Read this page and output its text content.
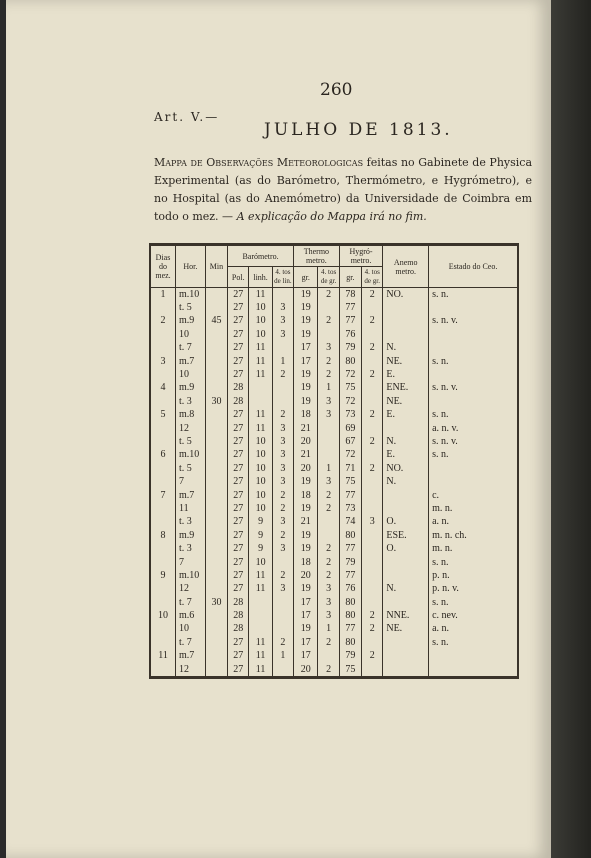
260
Art. V.—
JULHO DE 1813.
Mappa de Observações Meteorologicas feitas no Gabinete de Physica Experimental (as do Barómetro, Thermómetro, e Hygrómetro), e no Hospital (as do Anemómetro) da Universidade de Coimbra em todo o mez. — A explicação do Mappa irá no fim.
Dias do mez.	Hor.	Min	Barómetro.			Thermo metro.		Hygró- metro.		Anemo metro.	Estado do Ceo.
			Pol.	linh.	4. tos de lin.	gr.	4. tos de gr.	gr.	4. tos de gr.		
1	m.10		27	11		19	2	78	2	NO.	s. n.
	t. 5		27	10	3	19		77			
2	m.9	45	27	10	3	19	2	77	2		s. n. v.
	10		27	10	3	19		76			
	t. 7		27	11		17	3	79	2	N.	
3	m.7		27	11	1	17	2	80		NE.	s. n.
	10		27	11	2	19	2	72	2	E.	
4	m.9		28			19	1	75		ENE.	s. n. v.
	t. 3	30	28			19	3	72		NE.	
5	m.8		27	11	2	18	3	73	2	E.	s. n.
	12		27	11	3	21		69			a. n. v.
	t. 5		27	10	3	20		67	2	N.	s. n. v.
6	m.10		27	10	3	21		72		E.	s. n.
	t. 5		27	10	3	20	1	71	2	NO.	
	7		27	10	3	19	3	75		N.	
7	m.7		27	10	2	18	2	77			c.
	11		27	10	2	19	2	73			m. n.
	t. 3		27	9	3	21		74	3	O.	a. n.
8	m.9		27	9	2	19		80		ESE.	m. n. ch.
	t. 3		27	9	3	19	2	77		O.	m. n.
	7		27	10		18	2	79			s. n.
9	m.10		27	11	2	20	2	77			p. n.
	12		27	11	3	19	3	76		N.	p. n. v.
	t. 7	30	28			17	3	80			s. n.
10	m.6		28			17	3	80	2	NNE.	c. nev.
	10		28			19	1	77	2	NE.	a. n.
	t. 7		27	11	2	17	2	80			s. n.
11	m.7		27	11	1	17		79	2		
	12		27	11		20	2	75			
